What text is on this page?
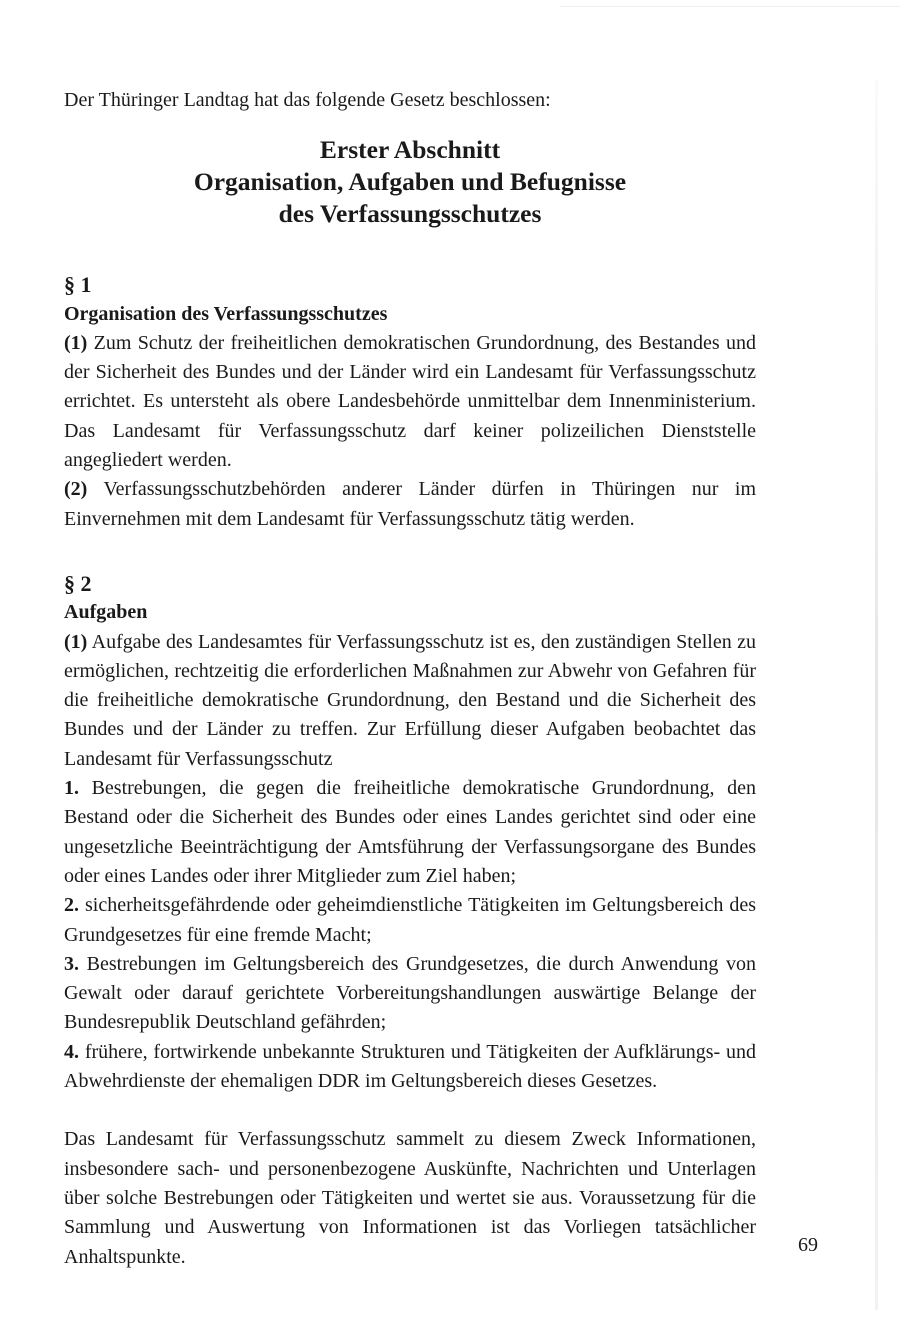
Der Thüringer Landtag hat das folgende Gesetz beschlossen:

Erster Abschnitt
Organisation, Aufgaben und Befugnisse
des Verfassungsschutzes
§ 1
Organisation des Verfassungsschutzes

(1) Zum Schutz der freiheitlichen demokratischen Grundordnung, des Bestandes und der Sicherheit des Bundes und der Länder wird ein Landesamt für Verfassungsschutz errichtet. Es untersteht als obere Landesbehörde unmittelbar dem Innenministerium. Das Landesamt für Verfassungsschutz darf keiner polizeilichen Dienststelle angegliedert werden.

(2) Verfassungsschutzbehörden anderer Länder dürfen in Thüringen nur im Einvernehmen mit dem Landesamt für Verfassungsschutz tätig werden.

§ 2
Aufgaben

(1) Aufgabe des Landesamtes für Verfassungsschutz ist es, den zuständigen Stellen zu ermöglichen, rechtzeitig die erforderlichen Maßnahmen zur Abwehr von Gefahren für die freiheitliche demokratische Grundordnung, den Bestand und die Sicherheit des Bundes und der Länder zu treffen. Zur Erfüllung dieser Aufgaben beobachtet das Landesamt für Verfassungsschutz

1. Bestrebungen, die gegen die freiheitliche demokratische Grundordnung, den Bestand oder die Sicherheit des Bundes oder eines Landes gerichtet sind oder eine ungesetzliche Beeinträchtigung der Amtsführung der Verfassungsorgane des Bundes oder eines Landes oder ihrer Mitglieder zum Ziel haben;

2. sicherheitsgefährdende oder geheimdienstliche Tätigkeiten im Geltungsbereich des Grundgesetzes für eine fremde Macht;

3. Bestrebungen im Geltungsbereich des Grundgesetzes, die durch Anwendung von Gewalt oder darauf gerichtete Vorbereitungshandlungen auswärtige Belange der Bundesrepublik Deutschland gefährden;

4. frühere, fortwirkende unbekannte Strukturen und Tätigkeiten der Aufklärungs- und Abwehrdienste der ehemaligen DDR im Geltungsbereich dieses Gesetzes.

Das Landesamt für Verfassungsschutz sammelt zu diesem Zweck Informationen, insbesondere sach- und personenbezogene Auskünfte, Nachrichten und Unterlagen über solche Bestrebungen oder Tätigkeiten und wertet sie aus. Voraussetzung für die Sammlung und Auswertung von Informationen ist das Vorliegen tatsächlicher Anhaltspunkte.

69
